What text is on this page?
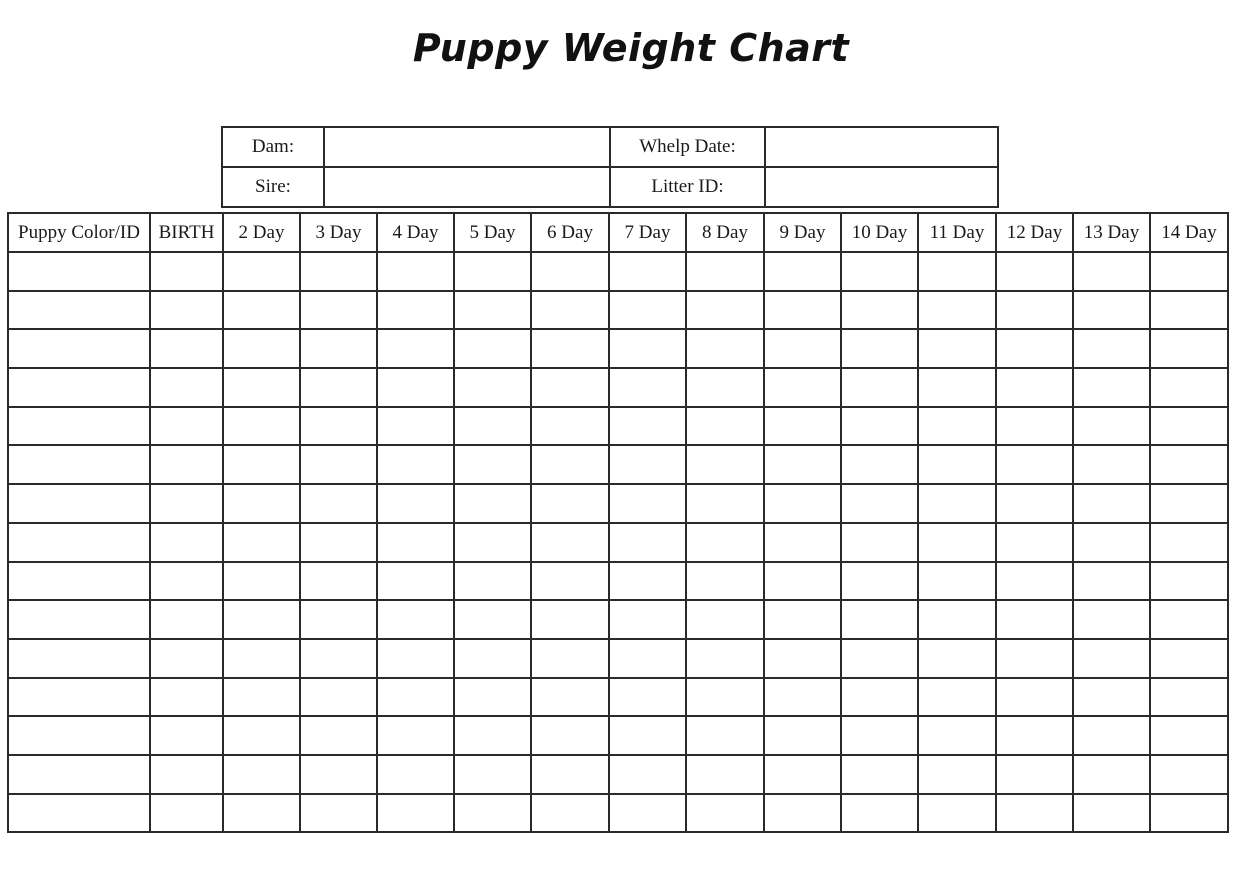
Puppy Weight Chart
Dam:		Whelp Date:	
Sire:		Litter ID:	
Puppy Color/ID	BIRTH	2 Day	3 Day	4 Day	5 Day	6 Day	7 Day	8 Day	9 Day	10 Day	11 Day	12 Day	13 Day	14 Day
